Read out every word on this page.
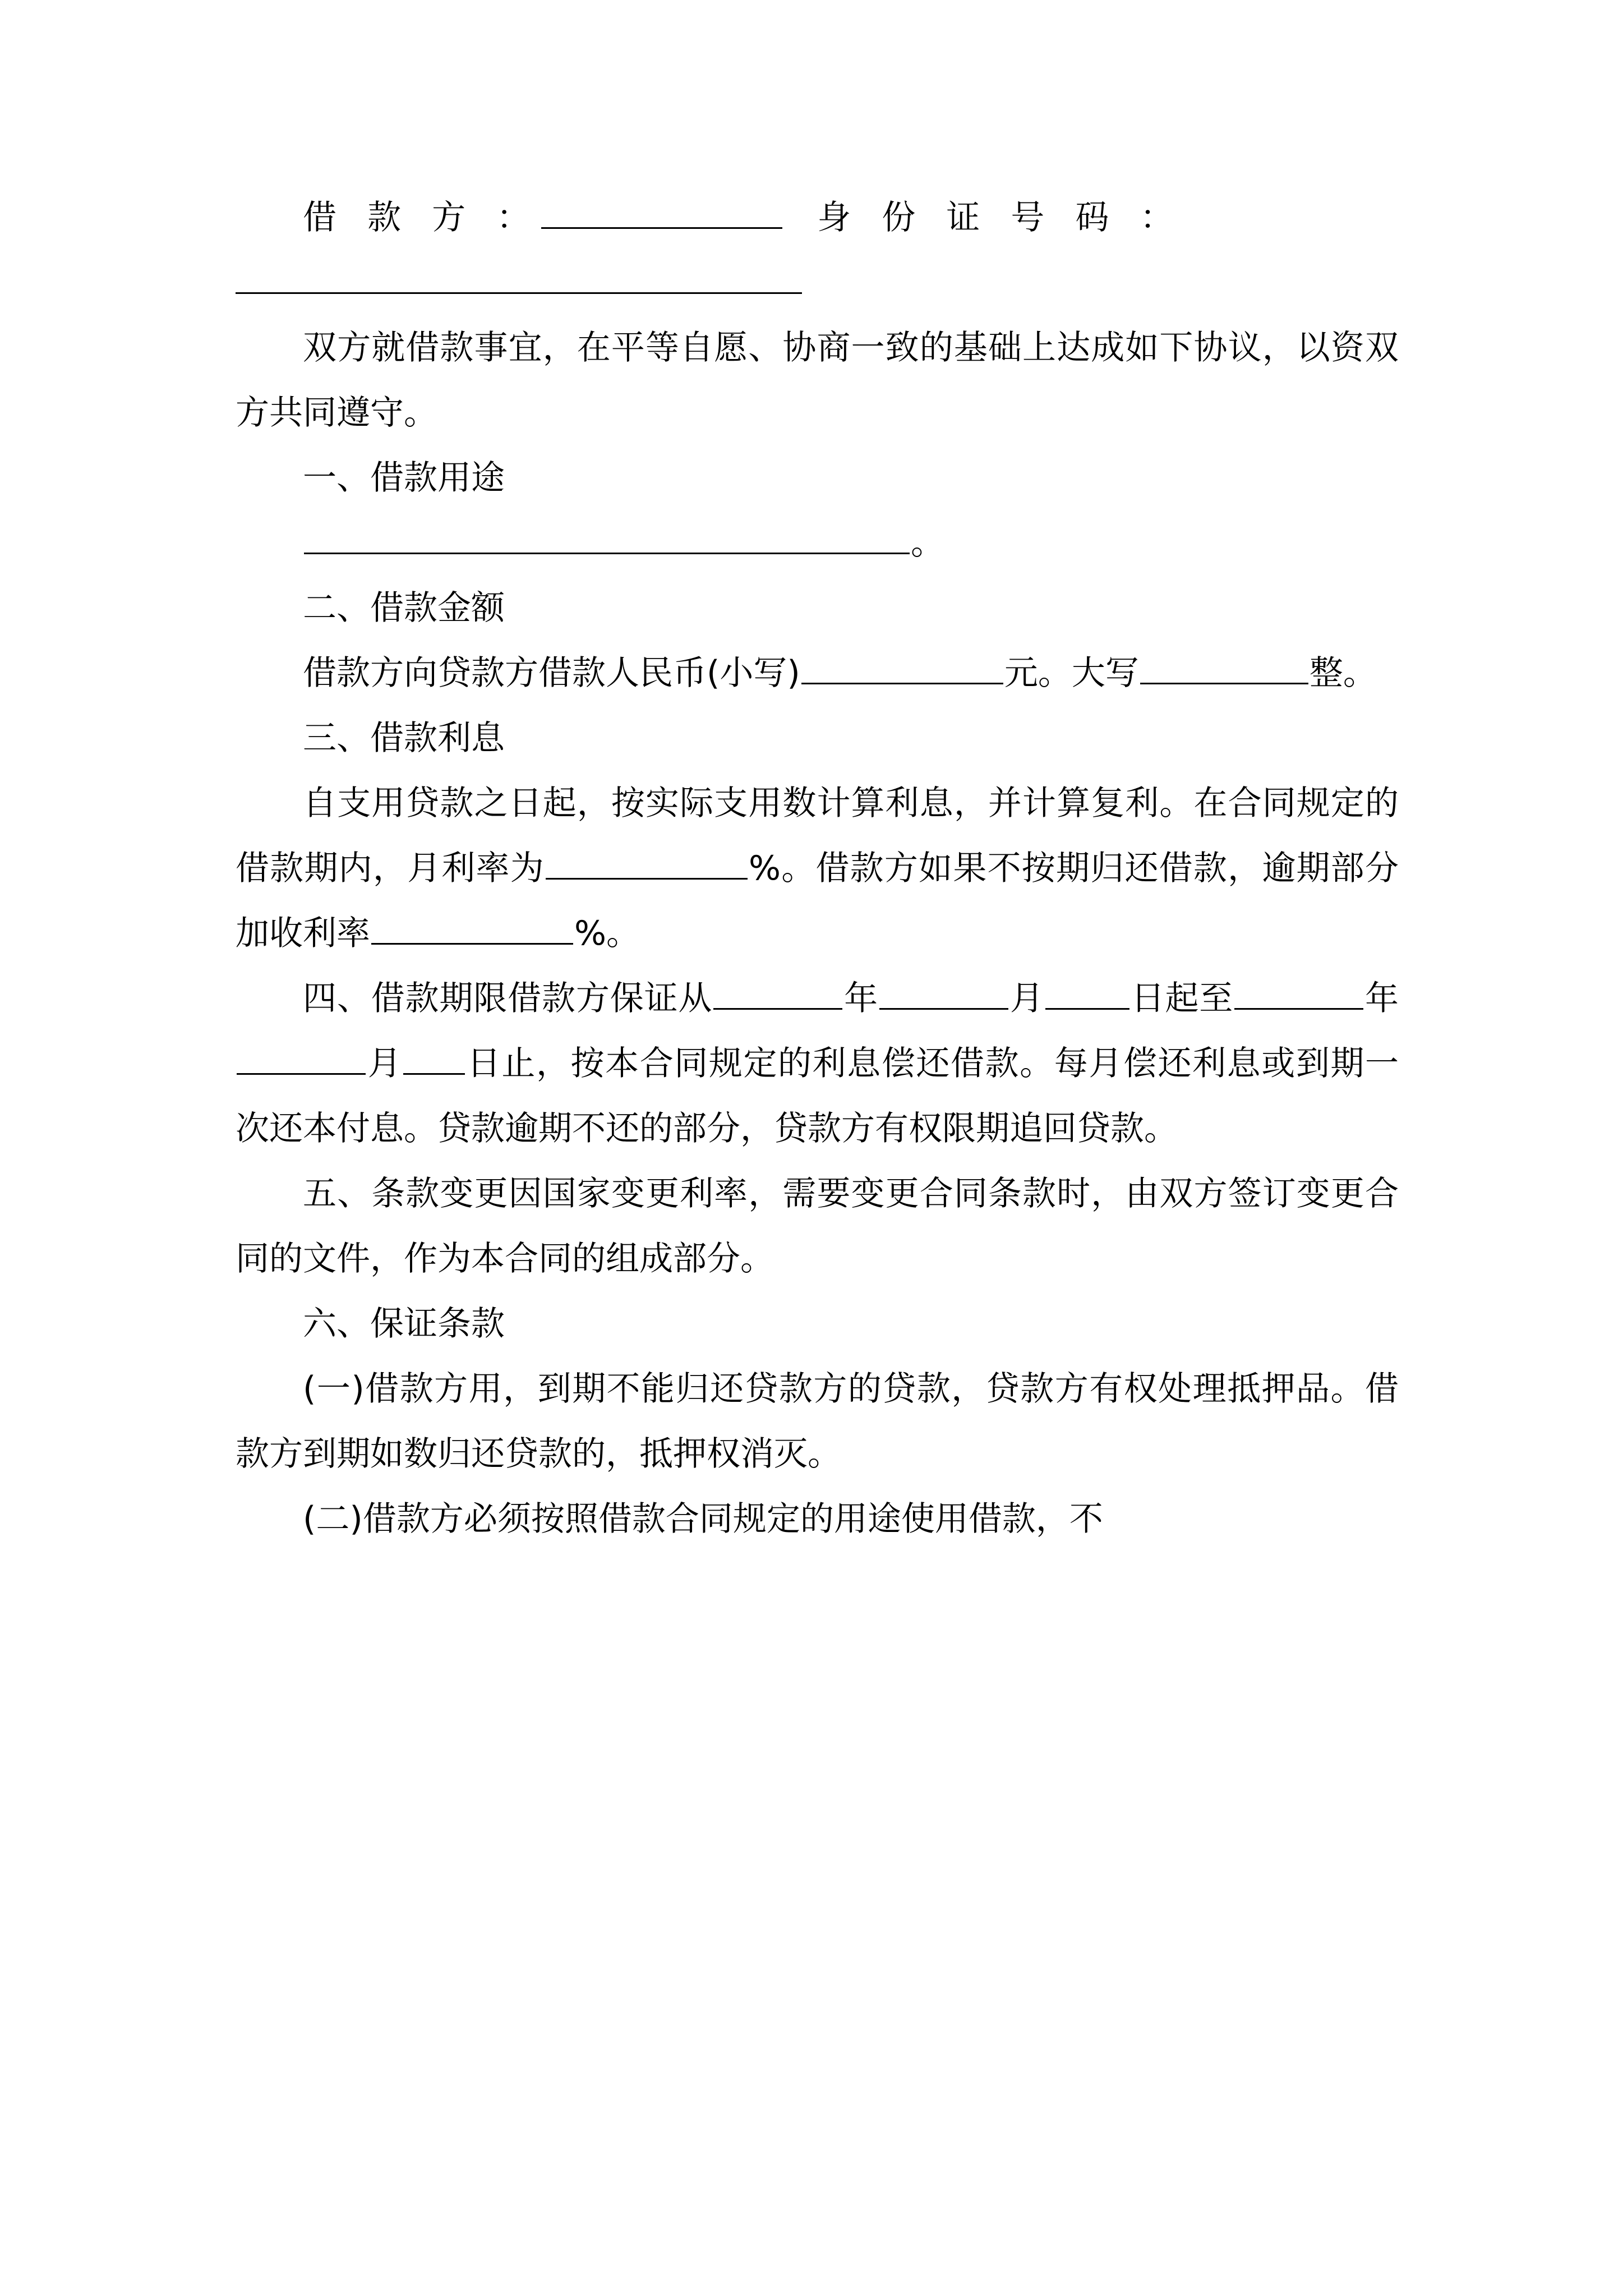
借 款 方 ：	身 份 证 号 码 ：

双方就借款事宜，在平等自愿、协商一致的基础上达成如下协议，以资双方共同遵守。

一、借款用途

。

二、借款金额

借款方向贷款方借款人民币(小写)	元。大写	整。

三、借款利息

自支用贷款之日起，按实际支用数计算利息，并计算复利。在合同规定的借款期内，月利率为	%。借款方如果不按期归还借款，逾期部分加收利率	%。

四、借款期限借款方保证从	年	月	日起至	年月 日止，按本合同规定的利息偿还借款。每月偿还利息或到期一次还本付息。贷款逾期不还的部分，贷款方有权限期追回贷款。

五、条款变更因国家变更利率，需要变更合同条款时，由双方签订变更合同的文件，作为本合同的组成部分。

六、保证条款

(一)借款方用，到期不能归还贷款方的贷款，贷款方有权处理抵押品。借款方到期如数归还贷款的，抵押权消灭。

(二)借款方必须按照借款合同规定的用途使用借款，不
